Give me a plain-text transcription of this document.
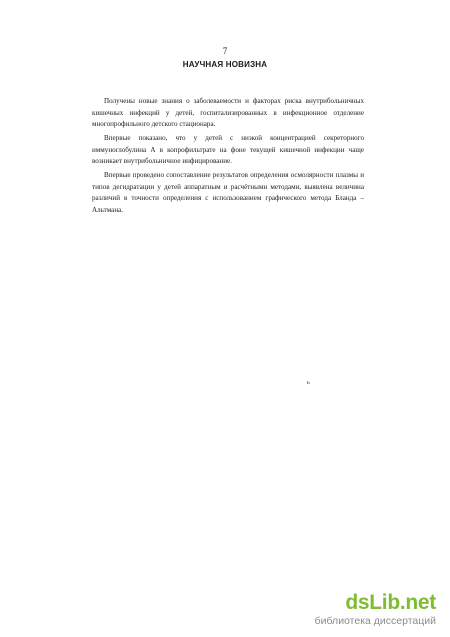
7
НАУЧНАЯ НОВИЗНА

Получены новые знания о заболеваемости и факторах риска внутрибольничных кишечных инфекций у детей, госпитализированных в инфекционное отделение многопрофильного детского стационара.

Впервые показано, что у детей с низкой концентрацией секреторного иммуноглобулина А в копрофильтрате на фоне текущей кишечной инфекции чаще возникает внутрибольничное инфицирование.

Впервые проведено сопоставление результатов определения осмолярности плазмы и типов дегидратации у детей аппаратным и расчётными методами, выявлена величина различий в точности определения с использованием графического метода Бланда – Альтмана.

ь
dsLib.net
библиотека диссертаций
